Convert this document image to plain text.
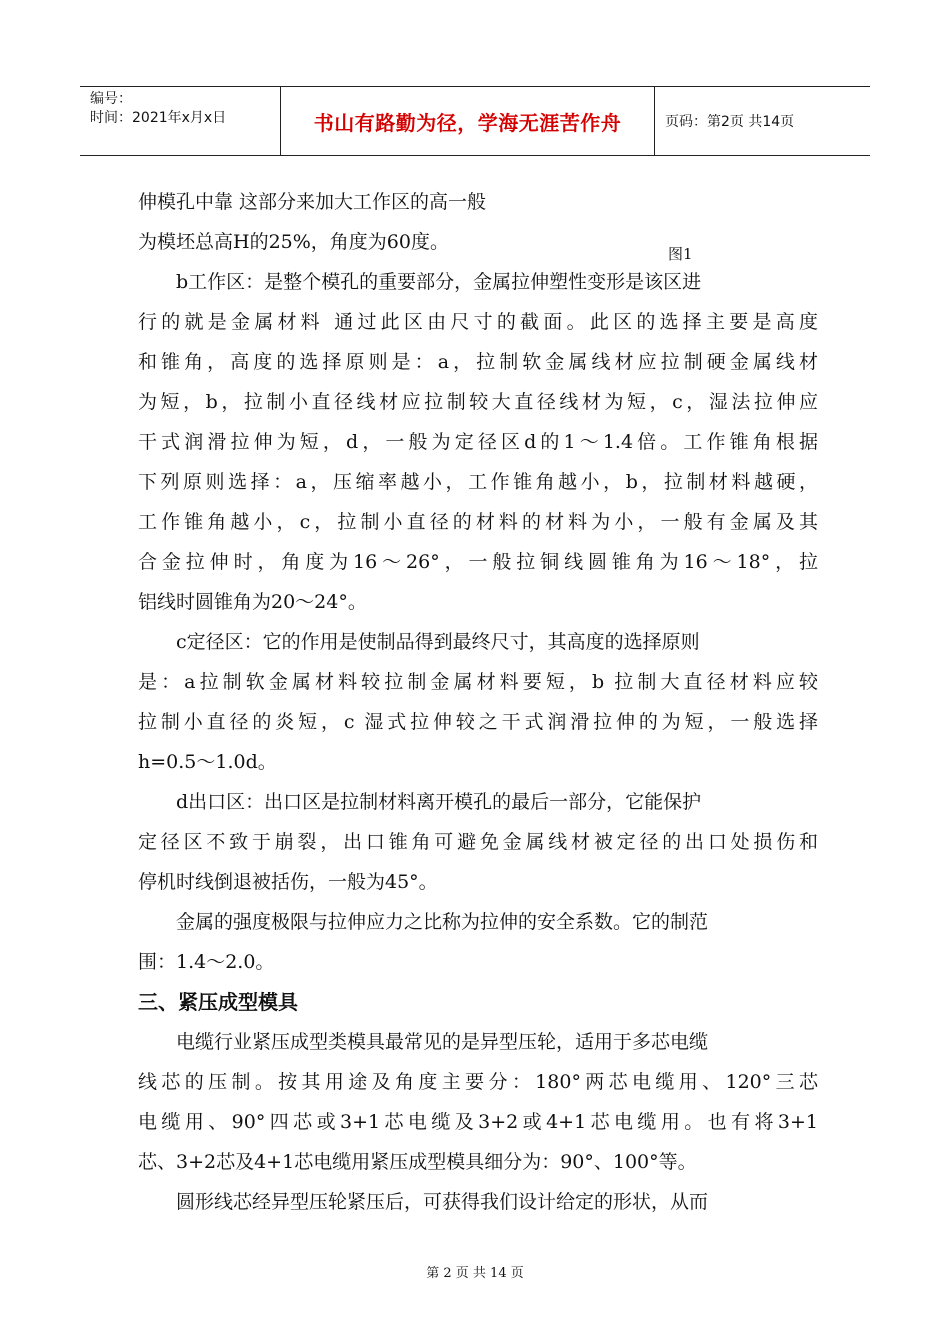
编号：
时间：2021年x月x日	书山有路勤为径，学海无涯苦作舟	页码：第2页 共14页
图1
伸模孔中靠 这部分来加大工作区的高一般
为模坯总高H的25%，角度为60度。
b工作区：是整个模孔的重要部分，金属拉伸塑性变形是该区进
行的就是金属材料 通过此区由尺寸的截面。此区的选择主要是高度
和锥角，高度的选择原则是：a，拉制软金属线材应拉制硬金属线材
为短，b，拉制小直径线材应拉制较大直径线材为短，c，湿法拉伸应
干式润滑拉伸为短，d，一般为定径区d的1～1.4倍。工作锥角根据
下列原则选择：a，压缩率越小，工作锥角越小，b，拉制材料越硬，
工作锥角越小，c，拉制小直径的材料的材料为小，一般有金属及其
合金拉伸时，角度为16～26°，一般拉铜线圆锥角为16～18°，拉
铝线时圆锥角为20～24°。
c定径区：它的作用是使制品得到最终尺寸，其高度的选择原则
是：a拉制软金属材料较拉制金属材料要短，b 拉制大直径材料应较
拉制小直径的炎短，c 湿式拉伸较之干式润滑拉伸的为短，一般选择
h=0.5～1.0d。
d出口区：出口区是拉制材料离开模孔的最后一部分，它能保护
定径区不致于崩裂，出口锥角可避免金属线材被定径的出口处损伤和
停机时线倒退被括伤，一般为45°。
金属的强度极限与拉伸应力之比称为拉伸的安全系数。它的制范
围：1.4～2.0。
三、紧压成型模具
电缆行业紧压成型类模具最常见的是异型压轮，适用于多芯电缆
线芯的压制。按其用途及角度主要分：180°两芯电缆用、120°三芯
电缆用、90°四芯或3+1芯电缆及3+2或4+1芯电缆用。也有将3+1
芯、3+2芯及4+1芯电缆用紧压成型模具细分为：90°、100°等。
圆形线芯经异型压轮紧压后，可获得我们设计给定的形状，从而
第 2 页 共 14 页
